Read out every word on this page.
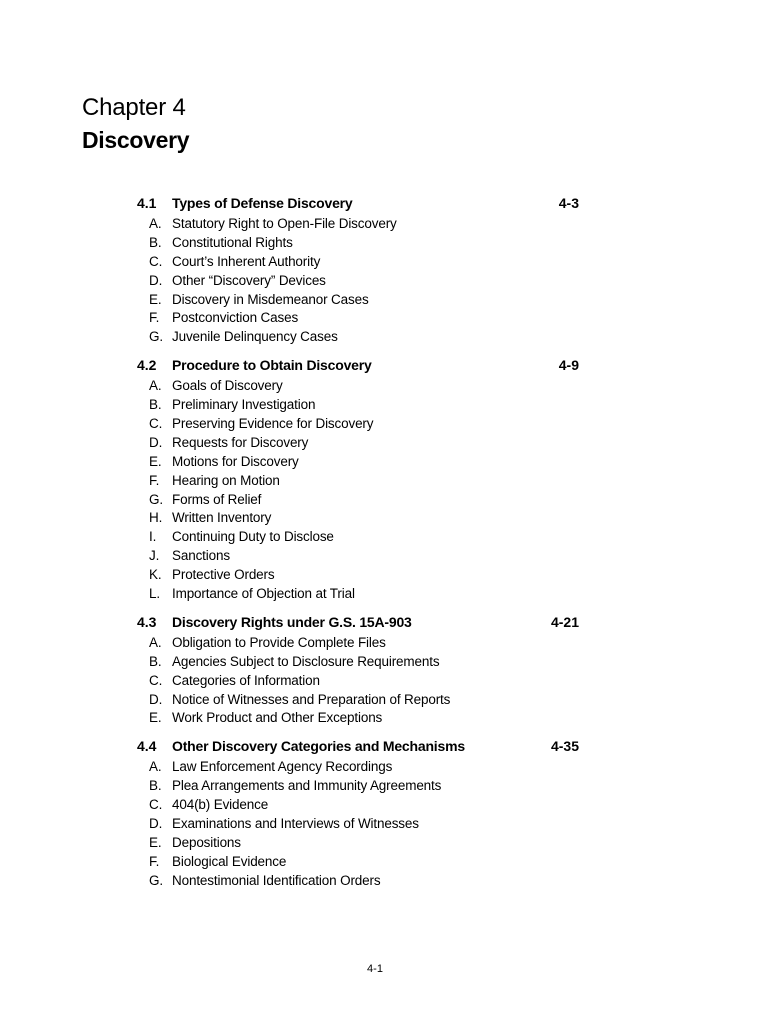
Chapter 4
Discovery
4.1	Types of Defense Discovery	4-3
A. Statutory Right to Open-File Discovery
B. Constitutional Rights
C. Court’s Inherent Authority
D. Other “Discovery” Devices
E. Discovery in Misdemeanor Cases
F. Postconviction Cases
G. Juvenile Delinquency Cases
4.2	Procedure to Obtain Discovery	4-9
A. Goals of Discovery
B. Preliminary Investigation
C. Preserving Evidence for Discovery
D. Requests for Discovery
E. Motions for Discovery
F. Hearing on Motion
G. Forms of Relief
H. Written Inventory
I.	Continuing Duty to Disclose
J. Sanctions
K. Protective Orders
L. Importance of Objection at Trial
4.3	Discovery Rights under G.S. 15A-903	4-21
A. Obligation to Provide Complete Files
B. Agencies Subject to Disclosure Requirements
C. Categories of Information
D. Notice of Witnesses and Preparation of Reports
E. Work Product and Other Exceptions
4.4	Other Discovery Categories and Mechanisms	4-35
A. Law Enforcement Agency Recordings
B. Plea Arrangements and Immunity Agreements
C. 404(b) Evidence
D. Examinations and Interviews of Witnesses
E. Depositions
F. Biological Evidence
G. Nontestimonial Identification Orders
4-1
